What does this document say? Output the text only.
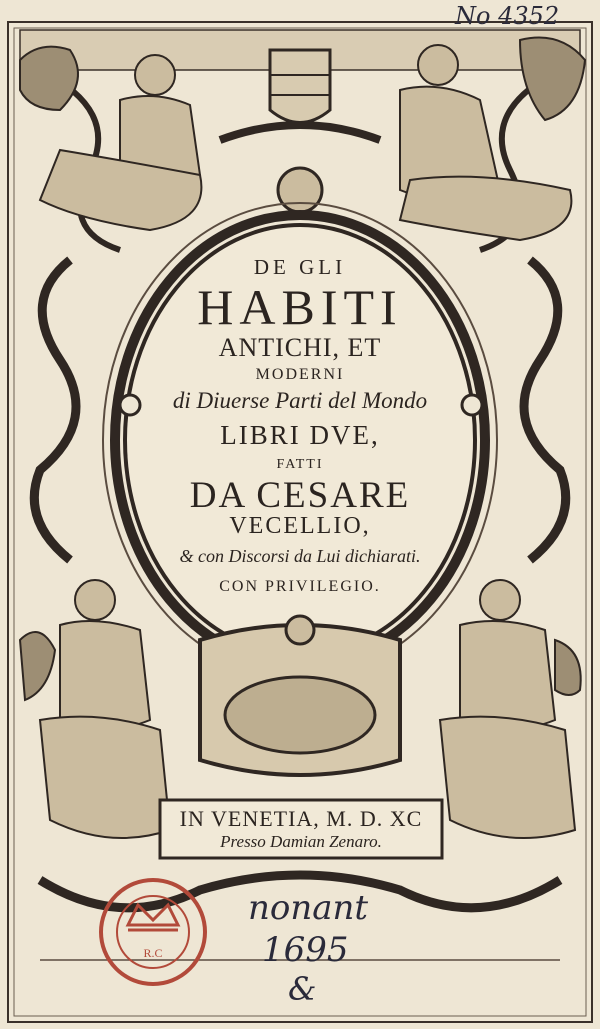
R.C
DE GLI
HABITI
ANTICHI, ET
MODERNI
di Diuerse Parti del Mondo
LIBRI DVE,
FATTI
DA CESARE
VECELLIO,
& con Discorsi da Lui dichiarati.
CON PRIVILEGIO.
IN VENETIA, M. D. XC
Presso Damian Zenaro.
No 4352
nonant
1695
&
